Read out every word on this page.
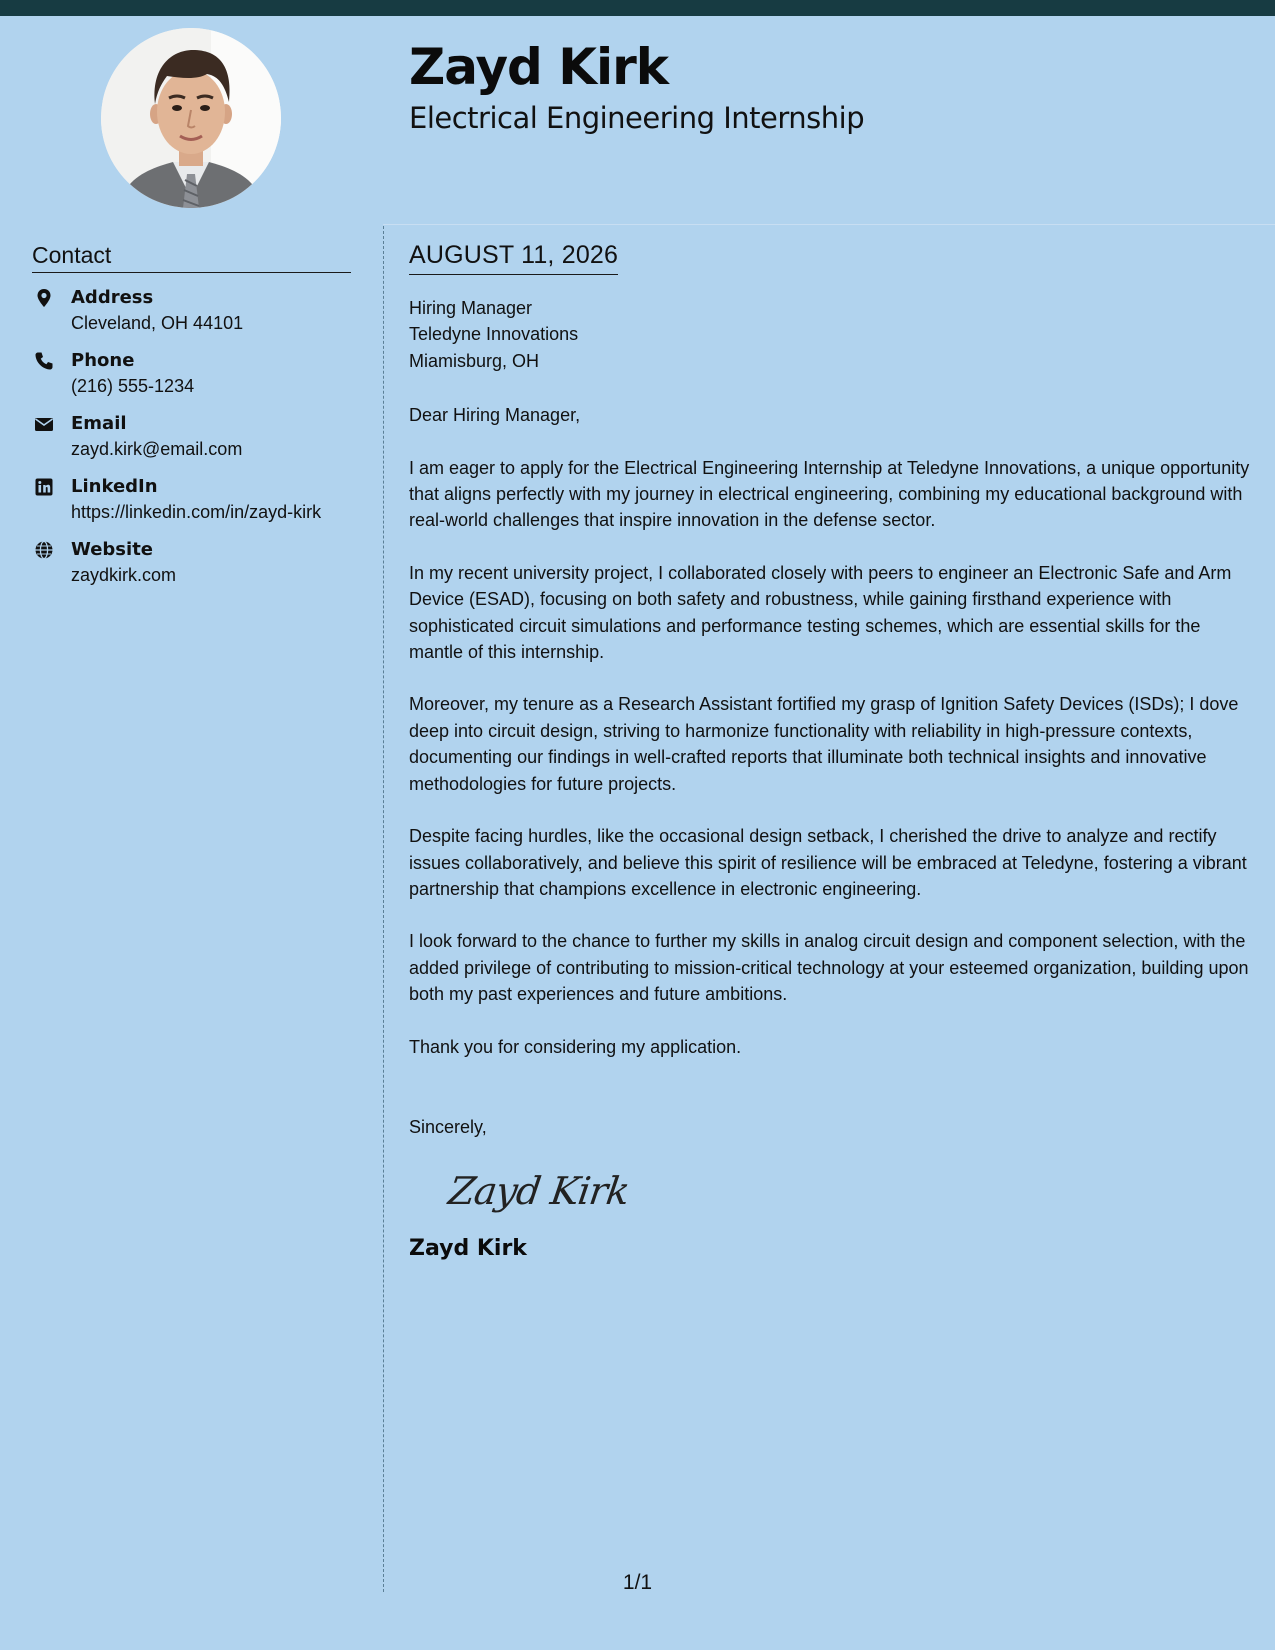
Zayd Kirk
Electrical Engineering Internship
Contact
Address
Cleveland, OH 44101
Phone
(216) 555-1234
Email
zayd.kirk@email.com
LinkedIn
https://linkedin.com/in/zayd-kirk
Website
zaydkirk.com
AUGUST 11, 2026
Hiring Manager
Teledyne Innovations
Miamisburg, OH
Dear Hiring Manager,
I am eager to apply for the Electrical Engineering Internship at Teledyne Innovations, a unique opportunity that aligns perfectly with my journey in electrical engineering, combining my educational background with real-world challenges that inspire innovation in the defense sector.
In my recent university project, I collaborated closely with peers to engineer an Electronic Safe and Arm Device (ESAD), focusing on both safety and robustness, while gaining firsthand experience with sophisticated circuit simulations and performance testing schemes, which are essential skills for the mantle of this internship.
Moreover, my tenure as a Research Assistant fortified my grasp of Ignition Safety Devices (ISDs); I dove deep into circuit design, striving to harmonize functionality with reliability in high-pressure contexts, documenting our findings in well-crafted reports that illuminate both technical insights and innovative methodologies for future projects.
Despite facing hurdles, like the occasional design setback, I cherished the drive to analyze and rectify issues collaboratively, and believe this spirit of resilience will be embraced at Teledyne, fostering a vibrant partnership that champions excellence in electronic engineering.
I look forward to the chance to further my skills in analog circuit design and component selection, with the added privilege of contributing to mission-critical technology at your esteemed organization, building upon both my past experiences and future ambitions.
Thank you for considering my application.
Sincerely,
Zayd Kirk
Zayd Kirk
1/1
